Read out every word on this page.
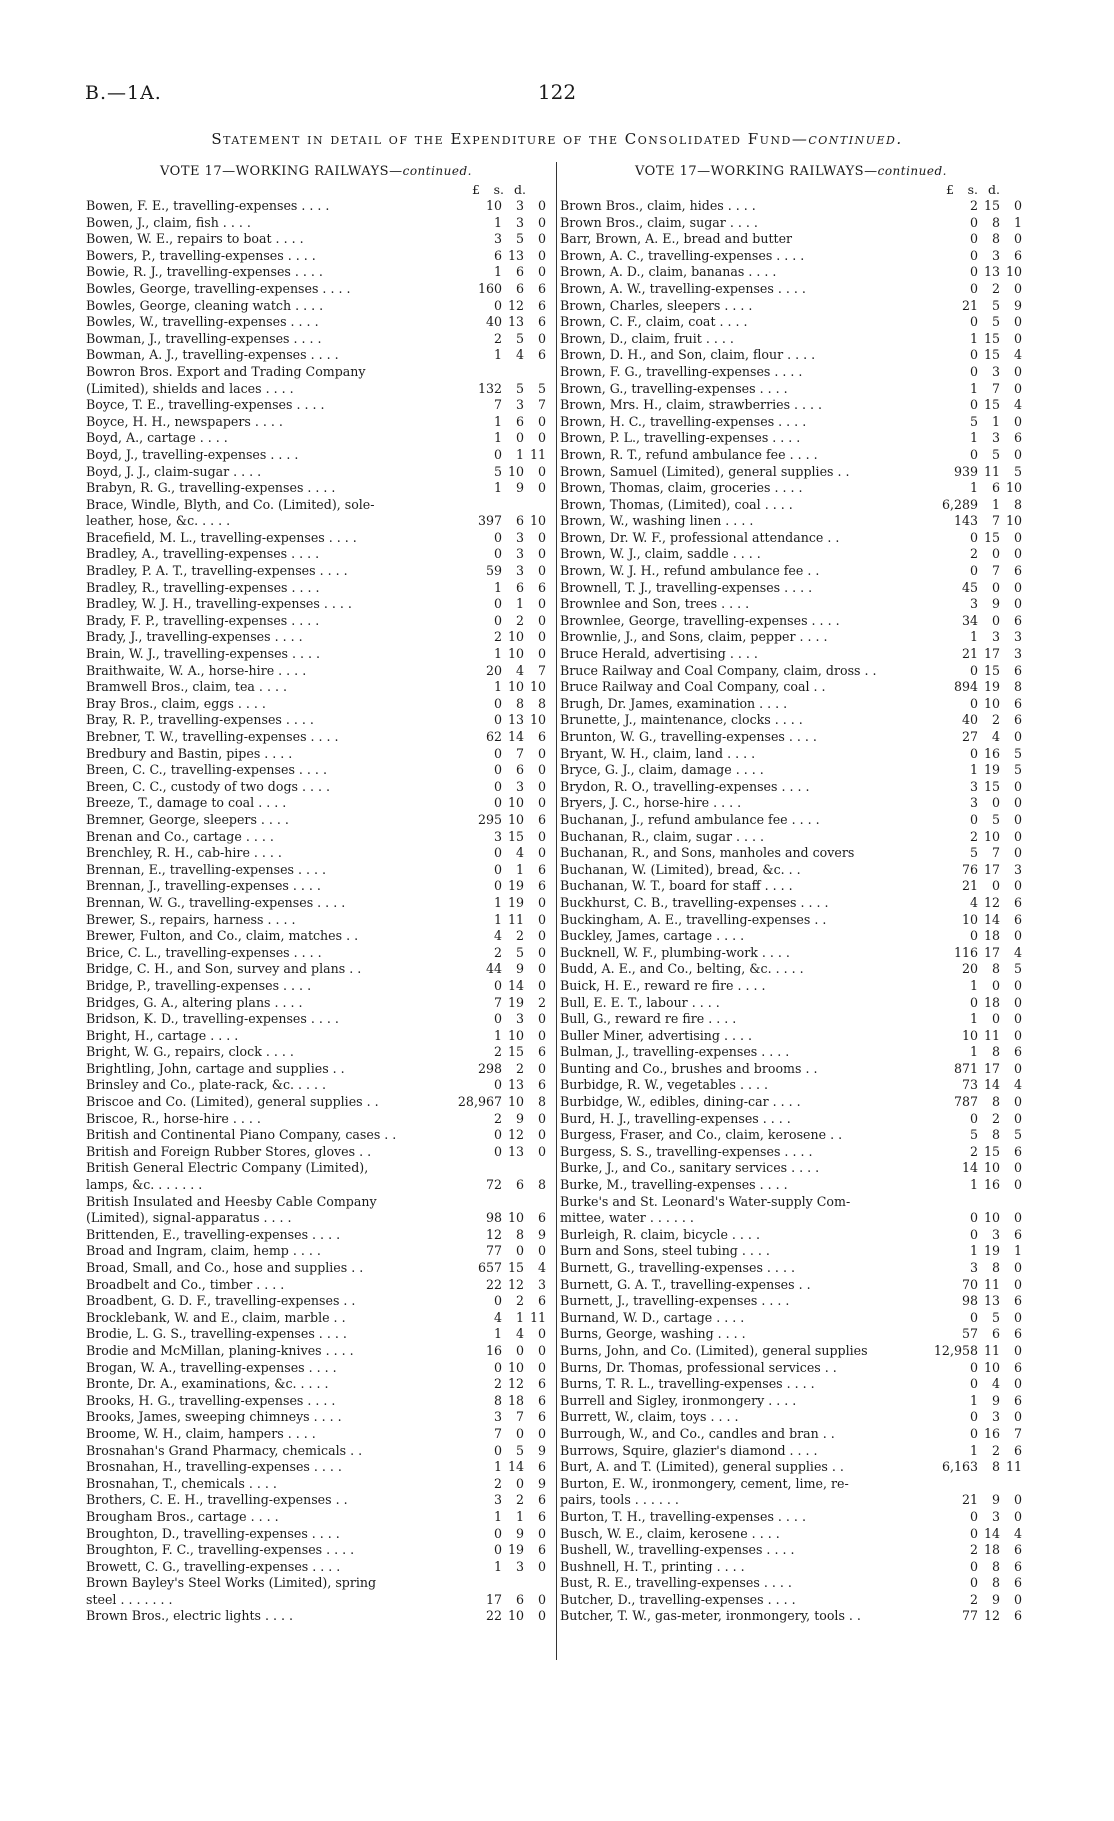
B.—1A.	122
Statement in detail of the Expenditure of the Consolidated Fund—continued.
VOTE 17—WORKING RAILWAYS—continued.
£	s. d.
Bowen, F. E., travelling-expenses . . . .	10	3	0
Bowen, J., claim, fish . . . .	1	3	0
Bowen, W. E., repairs to boat . . . .	3	5	0
Bowers, P., travelling-expenses . . . .	6 13	0
Bowie, R. J., travelling-expenses . . . .	1	6	0
Bowles, George, travelling-expenses . . . .	160	6	6
Bowles, George, cleaning watch . . . .	0 12	6
Bowles, W., travelling-expenses . . . .	40 13	6
Bowman, J., travelling-expenses . . . .	2	5	0
Bowman, A. J., travelling-expenses . . . .	1	4	6
Bowron Bros. Export and Trading Company
(Limited), shields and laces . . . .	132	5	5
Boyce, T. E., travelling-expenses . . . .	7	3	7
Boyce, H. H., newspapers . . . .	1	6	0
Boyd, A., cartage . . . .	1	0	0
Boyd, J., travelling-expenses . . . .	0	1 11
Boyd, J. J., claim-sugar . . . .	5 10	0
Brabyn, R. G., travelling-expenses . . . .	1	9	0
Brace, Windle, Blyth, and Co. (Limited), sole-
leather, hose, &c. . . . .	397	6 10
Bracefield, M. L., travelling-expenses . . . .	0	3	0
Bradley, A., travelling-expenses . . . .	0	3	0
Bradley, P. A. T., travelling-expenses . . . .	59	3	0
Bradley, R., travelling-expenses . . . .	1	6	6
Bradley, W. J. H., travelling-expenses . . . .	0	1	0
Brady, F. P., travelling-expenses . . . .	0	2	0
Brady, J., travelling-expenses . . . .	2 10	0
Brain, W. J., travelling-expenses . . . .	1 10	0
Braithwaite, W. A., horse-hire . . . .	20	4	7
Bramwell Bros., claim, tea . . . .	1 10 10
Bray Bros., claim, eggs . . . .	0	8	8
Bray, R. P., travelling-expenses . . . .	0 13 10
Brebner, T. W., travelling-expenses . . . .	62 14	6
Bredbury and Bastin, pipes . . . .	0	7	0
Breen, C. C., travelling-expenses . . . .	0	6	0
Breen, C. C., custody of two dogs . . . .	0	3	0
Breeze, T., damage to coal . . . .	0 10	0
Bremner, George, sleepers . . . .	295 10	6
Brenan and Co., cartage . . . .	3 15	0
Brenchley, R. H., cab-hire . . . .	0	4	0
Brennan, E., travelling-expenses . . . .	0	1	6
Brennan, J., travelling-expenses . . . .	0 19	6
Brennan, W. G., travelling-expenses . . . .	1 19	0
Brewer, S., repairs, harness . . . .	1 11	0
Brewer, Fulton, and Co., claim, matches . .	4	2	0
Brice, C. L., travelling-expenses . . . .	2	5	0
Bridge, C. H., and Son, survey and plans . .	44	9	0
Bridge, P., travelling-expenses . . . .	0 14	0
Bridges, G. A., altering plans . . . .	7 19	2
Bridson, K. D., travelling-expenses . . . .	0	3	0
Bright, H., cartage . . . .	1 10	0
Bright, W. G., repairs, clock . . . .	2 15	6
Brightling, John, cartage and supplies . .	298	2	0
Brinsley and Co., plate-rack, &c. . . . .	0 13	6
Briscoe and Co. (Limited), general supplies . .	28,967 10	8
Briscoe, R., horse-hire . . . .	2	9	0
British and Continental Piano Company, cases . .	0 12	0
British and Foreign Rubber Stores, gloves . .	0 13	0
British General Electric Company (Limited),
lamps, &c. . . . . . .	72	6	8
British Insulated and Heesby Cable Company
(Limited), signal-apparatus . . . .	98 10	6
Brittenden, E., travelling-expenses . . . .	12	8	9
Broad and Ingram, claim, hemp . . . .	77	0	0
Broad, Small, and Co., hose and supplies . .	657 15	4
Broadbelt and Co., timber . . . .	22 12	3
Broadbent, G. D. F., travelling-expenses . .	0	2	6
Brocklebank, W. and E., claim, marble . .	4	1 11
Brodie, L. G. S., travelling-expenses . . . .	1	4	0
Brodie and McMillan, planing-knives . . . .	16	0	0
Brogan, W. A., travelling-expenses . . . .	0 10	0
Bronte, Dr. A., examinations, &c. . . . .	2 12	6
Brooks, H. G., travelling-expenses . . . .	8 18	6
Brooks, James, sweeping chimneys . . . .	3	7	6
Broome, W. H., claim, hampers . . . .	7	0	0
Brosnahan's Grand Pharmacy, chemicals . .	0	5	9
Brosnahan, H., travelling-expenses . . . .	1 14	6
Brosnahan, T., chemicals . . . .	2	0	9
Brothers, C. E. H., travelling-expenses . .	3	2	6
Brougham Bros., cartage . . . .	1	1	6
Broughton, D., travelling-expenses . . . .	0	9	0
Broughton, F. C., travelling-expenses . . . .	0 19	6
Browett, C. G., travelling-expenses . . . .	1	3	0
Brown Bayley's Steel Works (Limited), spring
steel . . . . . . .	17	6	0
Brown Bros., electric lights . . . .	22 10	0
VOTE 17—WORKING RAILWAYS—continued.
£	s. d.
Brown Bros., claim, hides . . . .	2 15	0
Brown Bros., claim, sugar . . . .	0	8	1
Barr, Brown, A. E., bread and butter	0	8	0
Brown, A. C., travelling-expenses . . . .	0	3	6
Brown, A. D., claim, bananas . . . .	0 13 10
Brown, A. W., travelling-expenses . . . .	0	2	0
Brown, Charles, sleepers . . . .	21	5	9
Brown, C. F., claim, coat . . . .	0	5	0
Brown, D., claim, fruit . . . .	1 15	0
Brown, D. H., and Son, claim, flour . . . .	0 15	4
Brown, F. G., travelling-expenses . . . .	0	3	0
Brown, G., travelling-expenses . . . .	1	7	0
Brown, Mrs. H., claim, strawberries . . . .	0 15	4
Brown, H. C., travelling-expenses . . . .	5	1	0
Brown, P. L., travelling-expenses . . . .	1	3	6
Brown, R. T., refund ambulance fee . . . .	0	5	0
Brown, Samuel (Limited), general supplies . .	939 11	5
Brown, Thomas, claim, groceries . . . .	1	6 10
Brown, Thomas, (Limited), coal . . . .	6,289	1	8
Brown, W., washing linen . . . .	143	7 10
Brown, Dr. W. F., professional attendance . .	0 15	0
Brown, W. J., claim, saddle . . . .	2	0	0
Brown, W. J. H., refund ambulance fee . .	0	7	6
Brownell, T. J., travelling-expenses . . . .	45	0	0
Brownlee and Son, trees . . . .	3	9	0
Brownlee, George, travelling-expenses . . . .	34	0	6
Brownlie, J., and Sons, claim, pepper . . . .	1	3	3
Bruce Herald, advertising . . . .	21 17	3
Bruce Railway and Coal Company, claim, dross . .	0 15	6
Bruce Railway and Coal Company, coal . .	894 19	8
Brugh, Dr. James, examination . . . .	0 10	6
Brunette, J., maintenance, clocks . . . .	40	2	6
Brunton, W. G., travelling-expenses . . . .	27	4	0
Bryant, W. H., claim, land . . . .	0 16	5
Bryce, G. J., claim, damage . . . .	1 19	5
Brydon, R. O., travelling-expenses . . . .	3 15	0
Bryers, J. C., horse-hire . . . .	3	0	0
Buchanan, J., refund ambulance fee . . . .	0	5	0
Buchanan, R., claim, sugar . . . .	2 10	0
Buchanan, R., and Sons, manholes and covers	5	7	0
Buchanan, W. (Limited), bread, &c. . .	76 17	3
Buchanan, W. T., board for staff . . . .	21	0	0
Buckhurst, C. B., travelling-expenses . . . .	4 12	6
Buckingham, A. E., travelling-expenses . .	10 14	6
Buckley, James, cartage . . . .	0 18	0
Bucknell, W. F., plumbing-work . . . .	116 17	4
Budd, A. E., and Co., belting, &c. . . . .	20	8	5
Buick, H. E., reward re fire . . . .	1	0	0
Bull, E. E. T., labour . . . .	0 18	0
Bull, G., reward re fire . . . .	1	0	0
Buller Miner, advertising . . . .	10 11	0
Bulman, J., travelling-expenses . . . .	1	8	6
Bunting and Co., brushes and brooms . .	871 17	0
Burbidge, R. W., vegetables . . . .	73 14	4
Burbidge, W., edibles, dining-car . . . .	787	8	0
Burd, H. J., travelling-expenses . . . .	0	2	0
Burgess, Fraser, and Co., claim, kerosene . .	5	8	5
Burgess, S. S., travelling-expenses . . . .	2 15	6
Burke, J., and Co., sanitary services . . . .	14 10	0
Burke, M., travelling-expenses . . . .	1 16	0
Burke's and St. Leonard's Water-supply Com-
mittee, water . . . . . .	0 10	0
Burleigh, R. claim, bicycle . . . .	0	3	6
Burn and Sons, steel tubing . . . .	1 19	1
Burnett, G., travelling-expenses . . . .	3	8	0
Burnett, G. A. T., travelling-expenses . .	70 11	0
Burnett, J., travelling-expenses . . . .	98 13	6
Burnand, W. D., cartage . . . .	0	5	0
Burns, George, washing . . . .	57	6	6
Burns, John, and Co. (Limited), general supplies	12,958 11	0
Burns, Dr. Thomas, professional services . .	0 10	6
Burns, T. R. L., travelling-expenses . . . .	0	4	0
Burrell and Sigley, ironmongery . . . .	1	9	6
Burrett, W., claim, toys . . . .	0	3	0
Burrough, W., and Co., candles and bran . .	0 16	7
Burrows, Squire, glazier's diamond . . . .	1	2	6
Burt, A. and T. (Limited), general supplies . .	6,163	8 11
Burton, E. W., ironmongery, cement, lime, re-
pairs, tools . . . . . .	21	9	0
Burton, T. H., travelling-expenses . . . .	0	3	0
Busch, W. E., claim, kerosene . . . .	0 14	4
Bushell, W., travelling-expenses . . . .	2 18	6
Bushnell, H. T., printing . . . .	0	8	6
Bust, R. E., travelling-expenses . . . .	0	8	6
Butcher, D., travelling-expenses . . . .	2	9	0
Butcher, T. W., gas-meter, ironmongery, tools . .	77 12	6
